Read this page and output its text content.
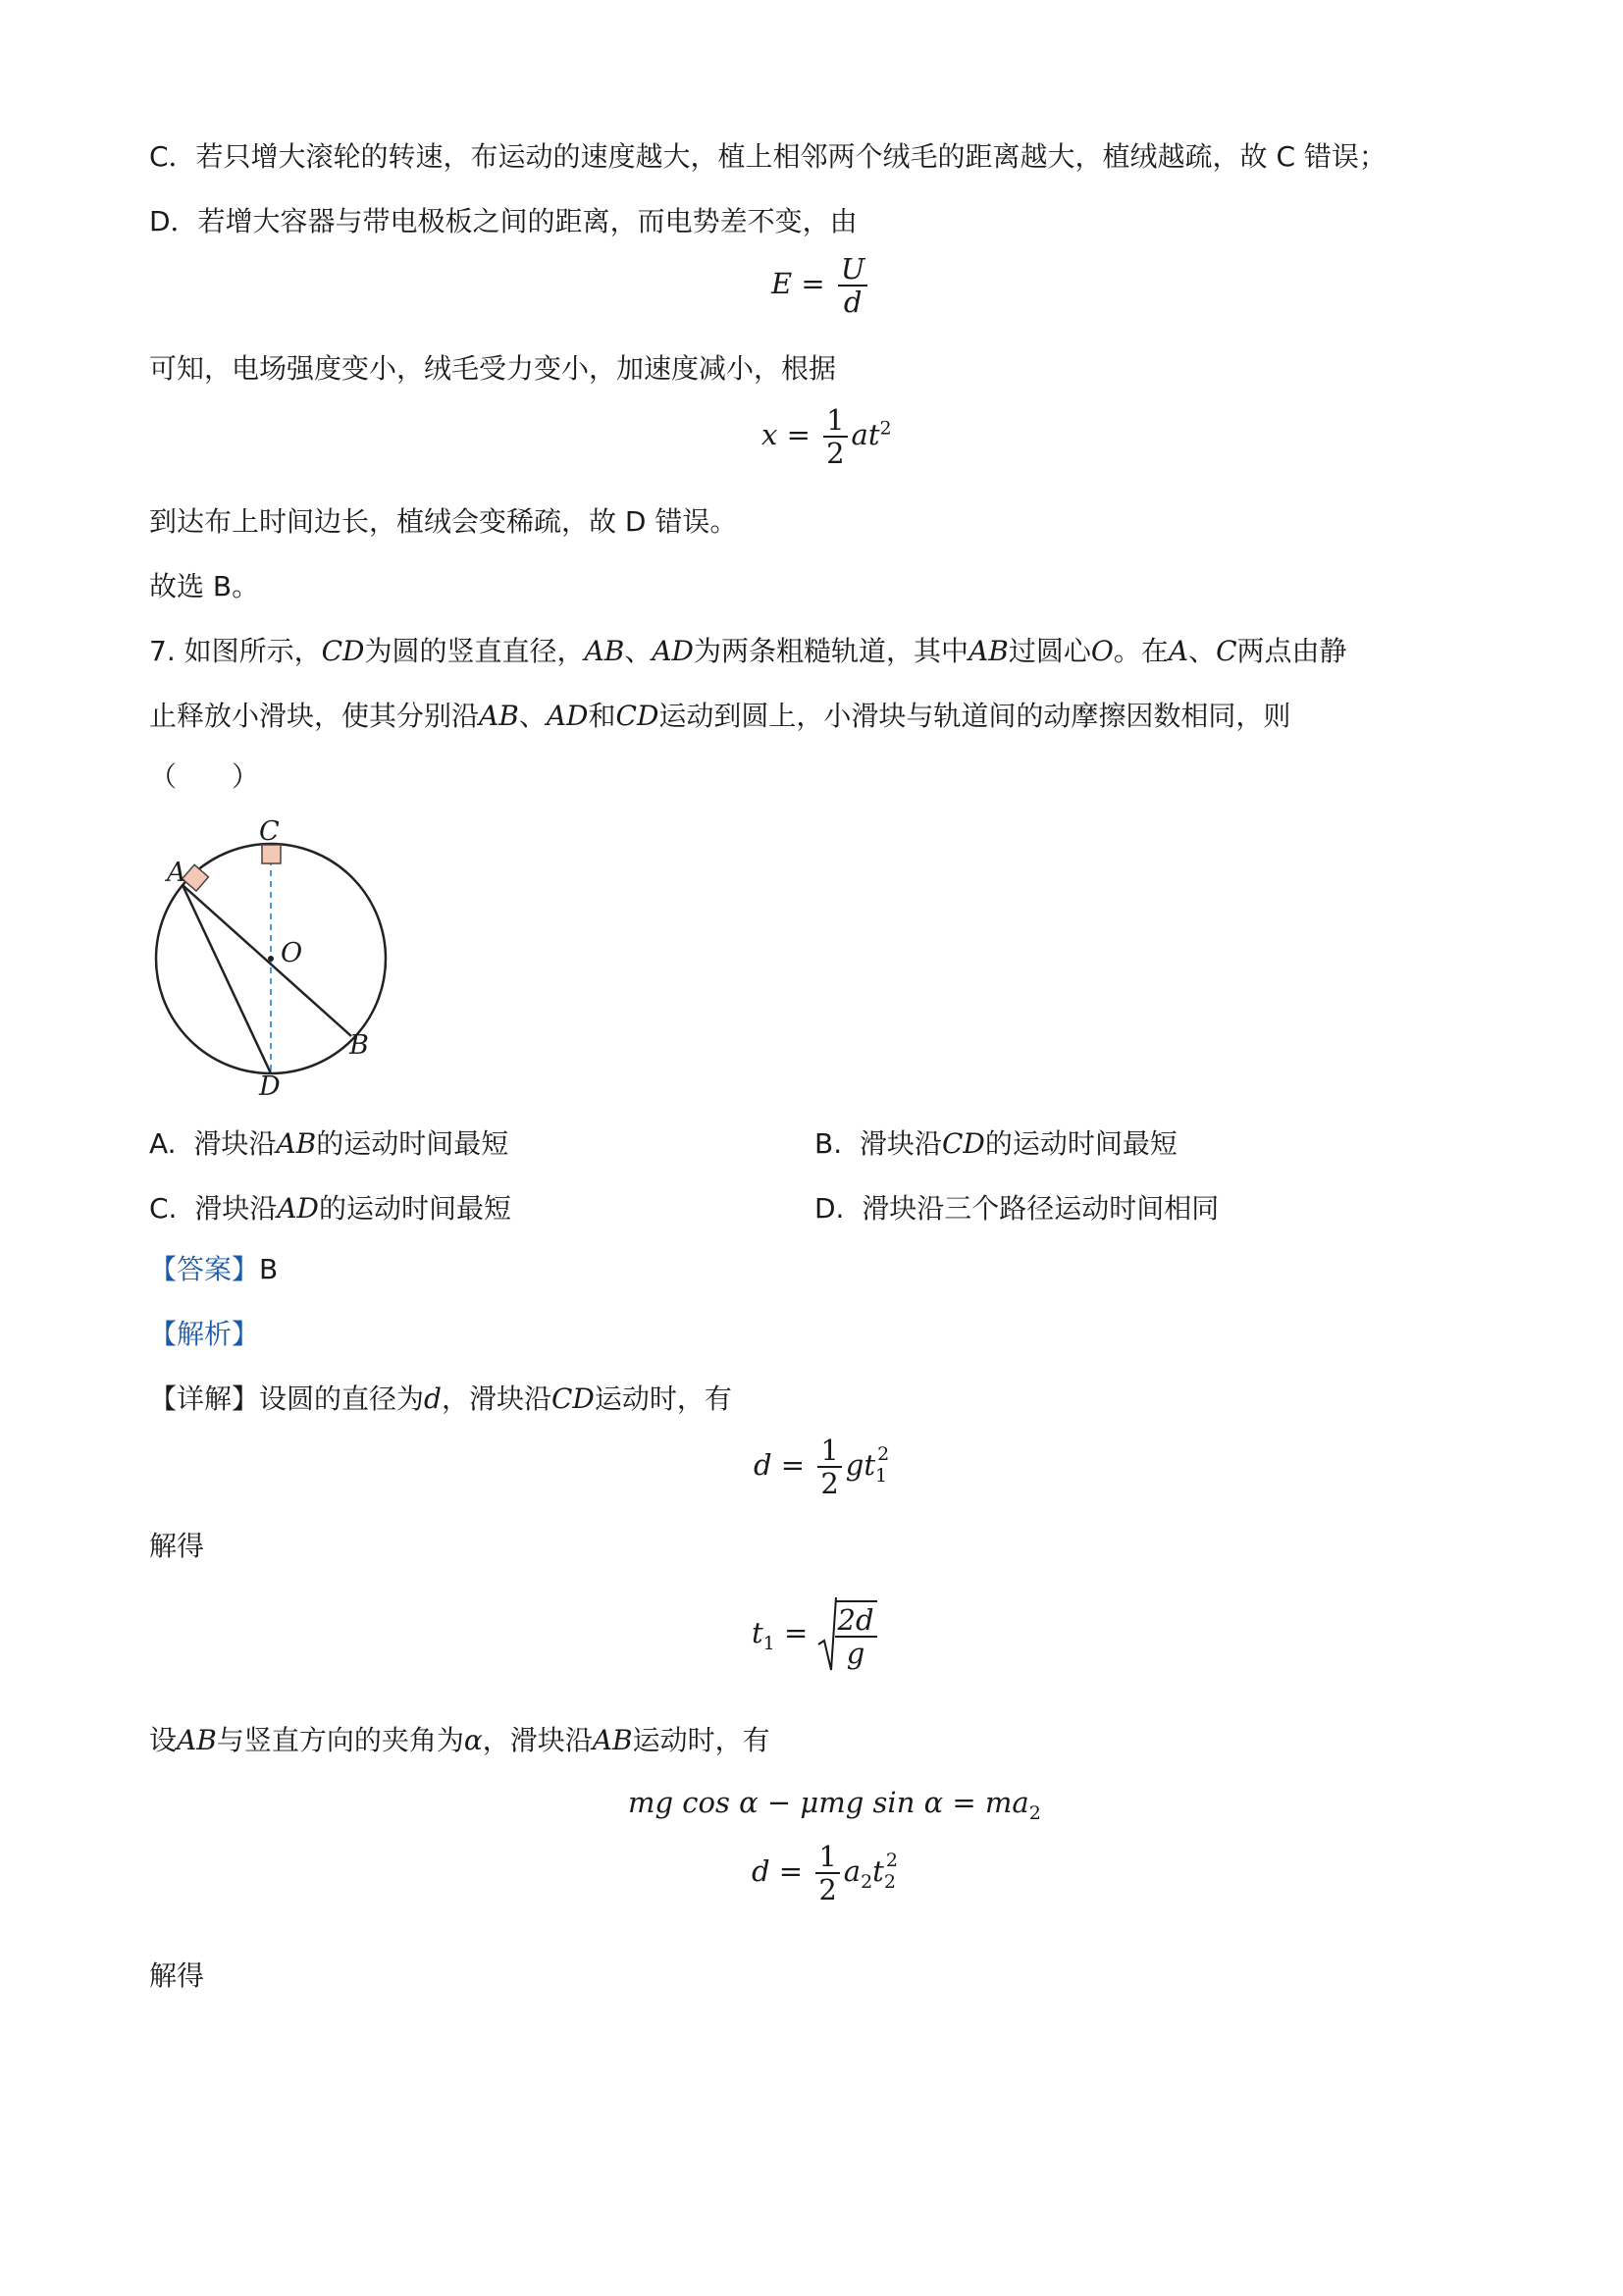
C．若只增大滚轮的转速，布运动的速度越大，植上相邻两个绒毛的距离越大，植绒越疏，故 C 错误；
D．若增大容器与带电极板之间的距离，而电势差不变，由
$E = \frac{U}{d}$
可知，电场强度变小，绒毛受力变小，加速度减小，根据
$x = \frac{1}{2} at^2$
到达布上时间边长，植绒会变稀疏，故 D 错误。
故选 B。
7. 如图所示，CD为圆的竖直直径，AB、AD为两条粗糙轨道，其中AB过圆心O。在A、C两点由静
止释放小滑块，使其分别沿AB、AD和CD运动到圆上，小滑块与轨道间的动摩擦因数相同，则
（　　）
C
A
O
B
D
A. 滑块沿AB的运动时间最短	B. 滑块沿CD的运动时间最短
C. 滑块沿AD的运动时间最短	D. 滑块沿三个路径运动时间相同
【答案】B
【解析】
【详解】设圆的直径为d，滑块沿CD运动时，有
$d = \frac{1}{2} gt_1^2$
解得
$t_1 = \frac{2d}{g}$
设AB与竖直方向的夹角为α，滑块沿AB运动时，有
mg cos α − μmg $\sin \alpha = ma_2$
$d = \frac{1}{2} a_2t_2^2$
解得
